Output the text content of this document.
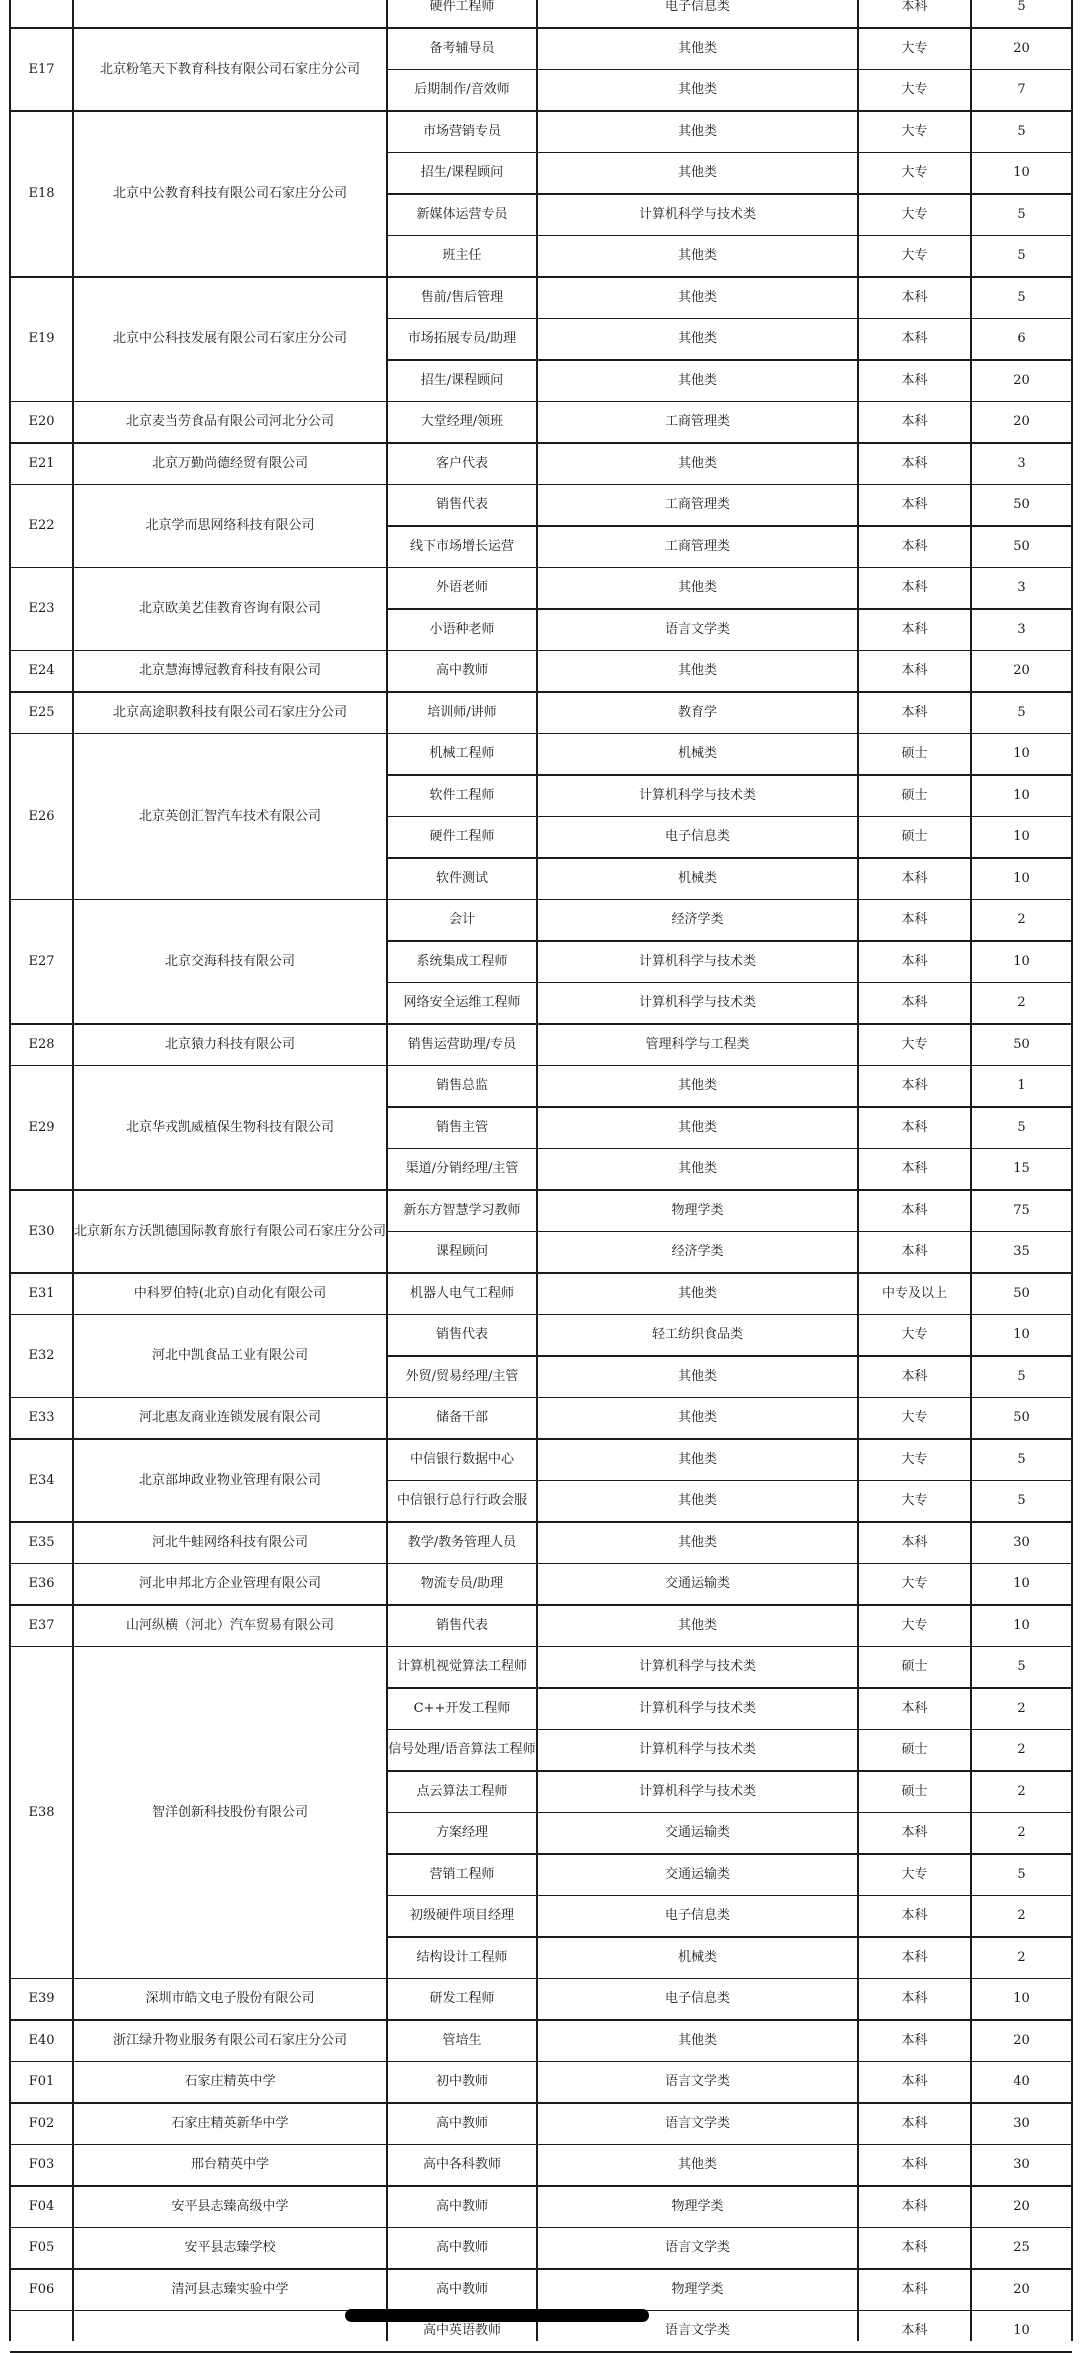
硬件工程师	电子信息类	本科	5
E17	北京粉笔天下教育科技有限公司石家庄分公司
备考辅导员	其他类	大专	20
后期制作/音效师	其他类	大专	7
E18	北京中公教育科技有限公司石家庄分公司
市场营销专员	其他类	大专	5
招生/课程顾问	其他类	大专	10
新媒体运营专员	计算机科学与技术类	大专	5
班主任	其他类	大专	5
E19	北京中公科技发展有限公司石家庄分公司
售前/售后管理	其他类	本科	5
市场拓展专员/助理	其他类	本科	6
招生/课程顾问	其他类	本科	20
E20	北京麦当劳食品有限公司河北分公司	大堂经理/领班	工商管理类	本科	20
E21	北京万勤尚德经贸有限公司	客户代表	其他类	本科	3
E22	北京学而思网络科技有限公司
销售代表	工商管理类	本科	50
线下市场增长运营	工商管理类	本科	50
E23	北京欧美艺佳教育咨询有限公司
外语老师	其他类	本科	3
小语种老师	语言文学类	本科	3
E24	北京慧海博冠教育科技有限公司	高中教师	其他类	本科	20
E25	北京高途职教科技有限公司石家庄分公司	培训师/讲师	教育学	本科	5
E26	北京英创汇智汽车技术有限公司
机械工程师	机械类	硕士	10
软件工程师	计算机科学与技术类	硕士	10
硬件工程师	电子信息类	硕士	10
软件测试	机械类	本科	10
E27	北京交海科技有限公司
会计	经济学类	本科	2
系统集成工程师	计算机科学与技术类	本科	10
网络安全运维工程师	计算机科学与技术类	本科	2
E28	北京猿力科技有限公司	销售运营助理/专员	管理科学与工程类	大专	50
E29	北京华戎凯威植保生物科技有限公司
销售总监	其他类	本科	1
销售主管	其他类	本科	5
渠道/分销经理/主管	其他类	本科	15
E30	北京新东方沃凯德国际教育旅行有限公司石家庄分公司
新东方智慧学习教师	物理学类	本科	75
课程顾问	经济学类	本科	35
E31	中科罗伯特(北京)自动化有限公司	机器人电气工程师	其他类	中专及以上	50
E32	河北中凯食品工业有限公司
销售代表	轻工纺织食品类	大专	10
外贸/贸易经理/主管	其他类	本科	5
E33	河北惠友商业连锁发展有限公司	储备干部	其他类	大专	50
E34	北京部坤政业物业管理有限公司
中信银行数据中心	其他类	大专	5
中信银行总行行政会服	其他类	大专	5
E35	河北牛蛙网络科技有限公司	教学/教务管理人员	其他类	本科	30
E36	河北申邦北方企业管理有限公司	物流专员/助理	交通运输类	大专	10
E37	山河纵横（河北）汽车贸易有限公司	销售代表	其他类	大专	10
E38	智洋创新科技股份有限公司
计算机视觉算法工程师	计算机科学与技术类	硕士	5
C++开发工程师	计算机科学与技术类	本科	2
信号处理/语音算法工程师	计算机科学与技术类	硕士	2
点云算法工程师	计算机科学与技术类	硕士	2
方案经理	交通运输类	本科	2
营销工程师	交通运输类	大专	5
初级硬件项目经理	电子信息类	本科	2
结构设计工程师	机械类	本科	2
E39	深圳市皓文电子股份有限公司	研发工程师	电子信息类	本科	10
E40	浙江绿升物业服务有限公司石家庄分公司	管培生	其他类	本科	20
F01	石家庄精英中学	初中教师	语言文学类	本科	40
F02	石家庄精英新华中学	高中教师	语言文学类	本科	30
F03	邢台精英中学	高中各科教师	其他类	本科	30
F04	安平县志臻高级中学	高中教师	物理学类	本科	20
F05	安平县志臻学校	高中教师	语言文学类	本科	25
F06	清河县志臻实验中学	高中教师	物理学类	本科	20
高中英语教师	语言文学类	本科	10
